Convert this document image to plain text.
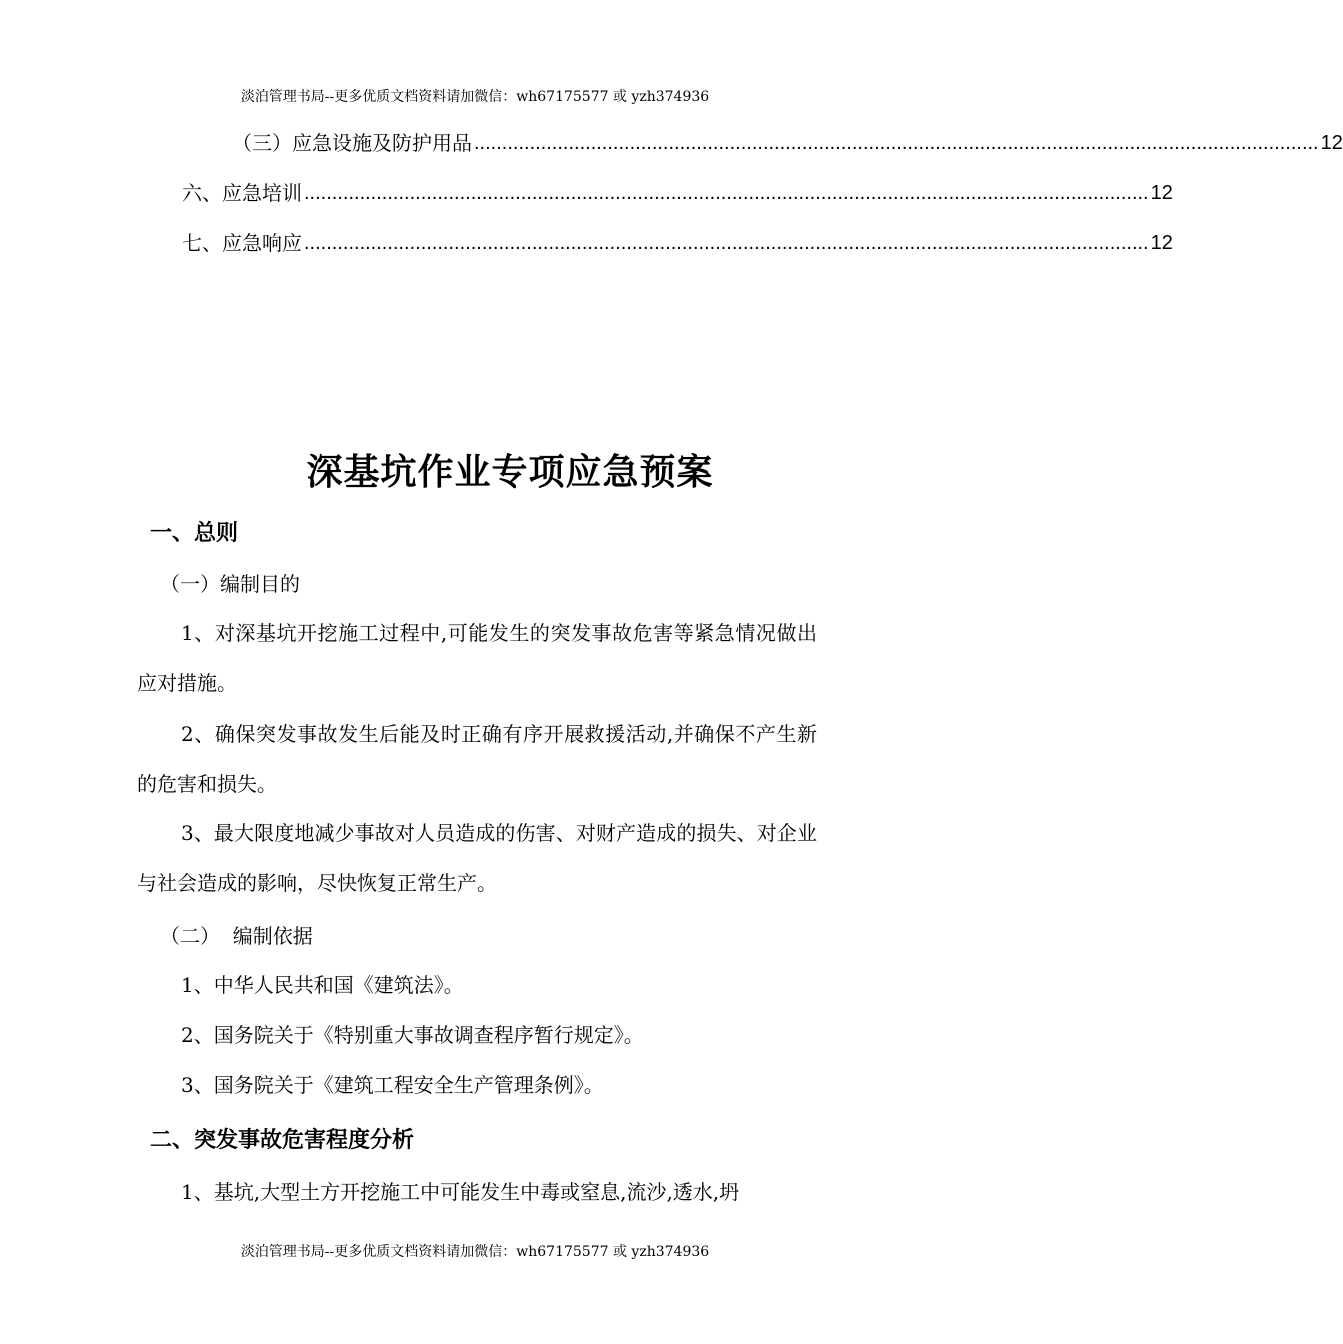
淡泊管理书局--更多优质文档资料请加微信：wh67175577 或 yzh374936
（三）应急设施及防护用品 ........................................................................................................................................................ 12
六、应急培训 ........................................................................................................................................................ 12
七、应急响应 ........................................................................................................................................................ 12
深基坑作业专项应急预案
一、总则
（一）编制目的
1、对深基坑开挖施工过程中,可能发生的突发事故危害等紧急情况做出应对措施。
2、确保突发事故发生后能及时正确有序开展救援活动,并确保不产生新的危害和损失。
3、最大限度地减少事故对人员造成的伤害、对财产造成的损失、对企业与社会造成的影响，尽快恢复正常生产。
（二）  编制依据
1、中华人民共和国《建筑法》。
2、国务院关于《特别重大事故调查程序暂行规定》。
3、国务院关于《建筑工程安全生产管理条例》。
二、突发事故危害程度分析
1、基坑,大型土方开挖施工中可能发生中毒或窒息,流沙,透水,坍
淡泊管理书局--更多优质文档资料请加微信：wh67175577 或 yzh374936
